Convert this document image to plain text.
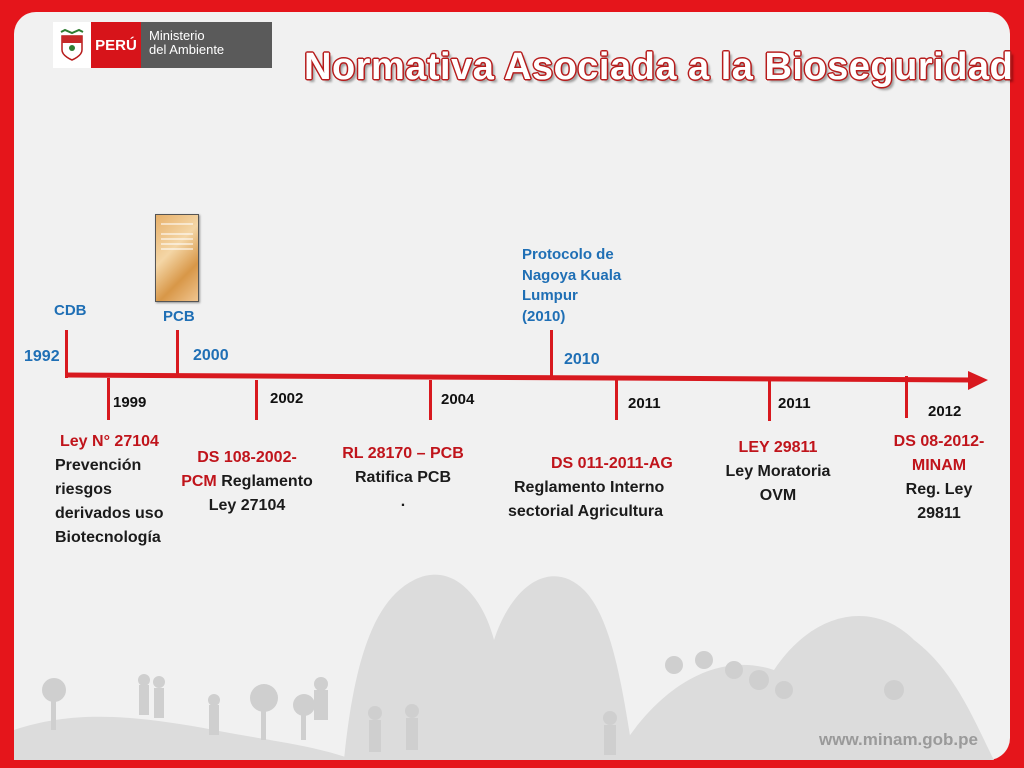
PERÚ
Ministerio
del Ambiente	Normativa Asociada a la Bioseguridad
CDB
1992
PCB
2000
Protocolo de
Nagoya Kuala
Lumpur
(2010)
2010
1999
Ley N° 27104
Prevención
riesgos
derivados uso
Biotecnología
2002
DS 108-2002-
PCM Reglamento
Ley 27104
2004
RL 28170 – PCB
Ratifica PCB
.
2011
DS 011-2011-AG
Reglamento Interno
sectorial Agricultura
2011
LEY 29811
Ley Moratoria
OVM
2012
DS 08-2012-
MINAM
Reg. Ley
29811
www.minam.gob.pe
